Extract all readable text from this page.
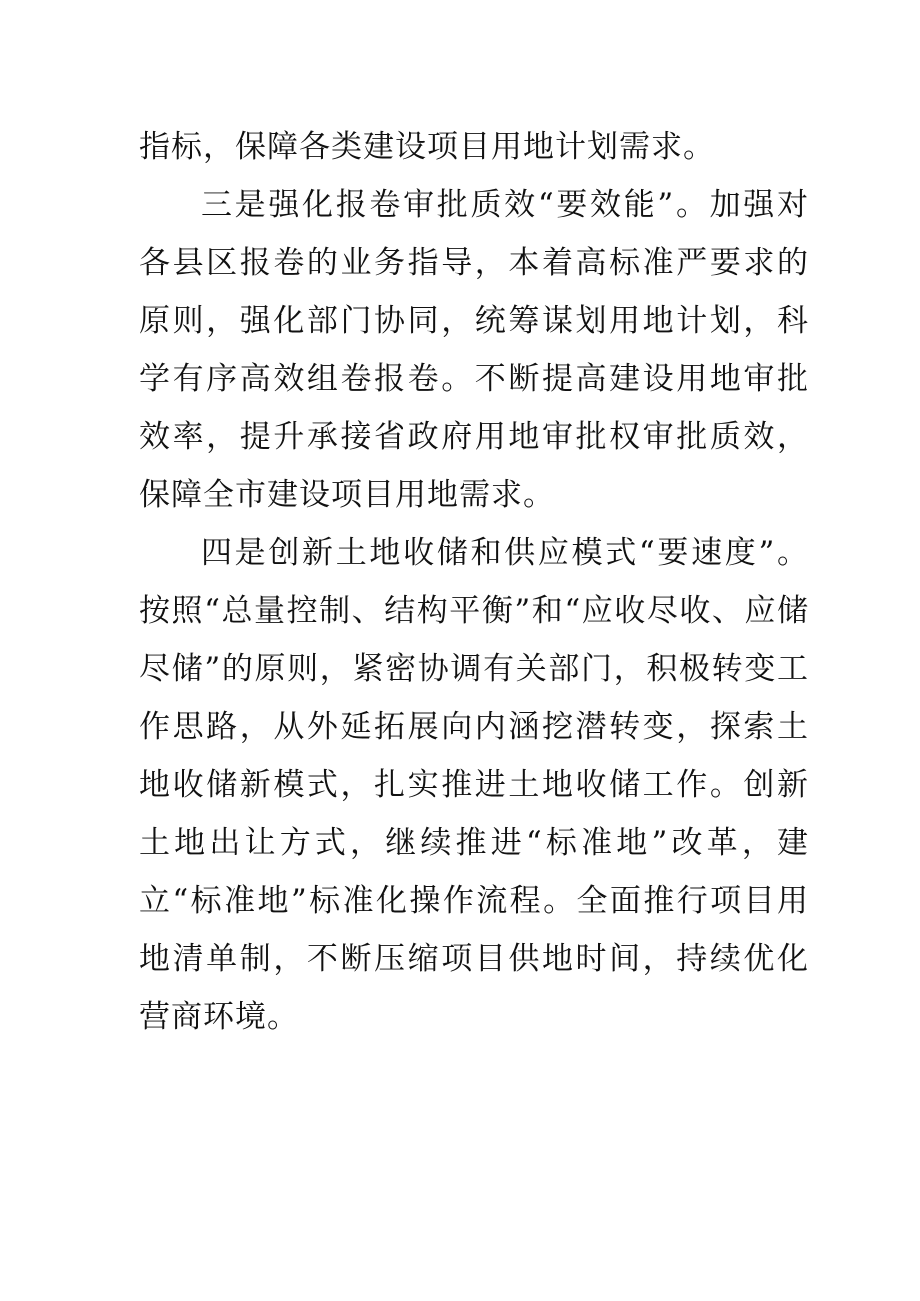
指标，保障各类建设项目用地计划需求。

三是强化报卷审批质效“要效能”。加强对各县区报卷的业务指导，本着高标准严要求的原则，强化部门协同，统筹谋划用地计划，科学有序高效组卷报卷。不断提高建设用地审批效率，提升承接省政府用地审批权审批质效，保障全市建设项目用地需求。

四是创新土地收储和供应模式“要速度”。按照“总量控制、结构平衡”和“应收尽收、应储尽储”的原则，紧密协调有关部门，积极转变工作思路，从外延拓展向内涵挖潜转变，探索土地收储新模式，扎实推进土地收储工作。创新土地出让方式，继续推进“标准地”改革，建立“标准地”标准化操作流程。全面推行项目用地清单制，不断压缩项目供地时间，持续优化营商环境。
